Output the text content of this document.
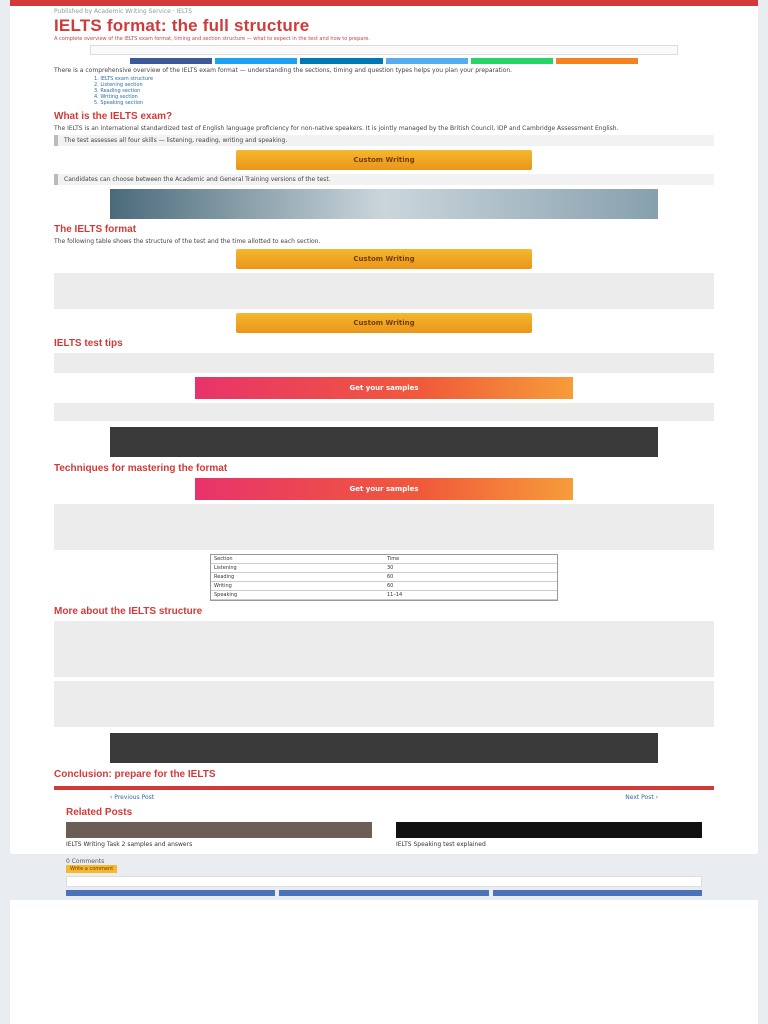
Published by Academic Writing Service · IELTS
IELTS format: the full structure
A complete overview of the IELTS exam format, timing and section structure — what to expect in the test and how to prepare.
There is a comprehensive overview of the IELTS exam format — understanding the sections, timing and question types helps you plan your preparation.
1. IELTS exam structure
2. Listening section
3. Reading section
4. Writing section
5. Speaking section
What is the IELTS exam?
The IELTS is an international standardized test of English language proficiency for non-native speakers. It is jointly managed by the British Council, IDP and Cambridge Assessment English.
The test assesses all four skills — listening, reading, writing and speaking.
Custom Writing
Candidates can choose between the Academic and General Training versions of the test.
The IELTS format
The following table shows the structure of the test and the time allotted to each section.
Custom Writing
Custom Writing
IELTS test tips
Get your samples
Techniques for mastering the format
Get your samples
Section	Time
Listening	30
Reading	60
Writing	60
Speaking	11–14
More about the IELTS structure
Conclusion: prepare for the IELTS
‹ Previous Post	Next Post ›
Related Posts
IELTS Writing Task 2 samples and answers	IELTS Speaking test explained
0 Comments
Write a comment
